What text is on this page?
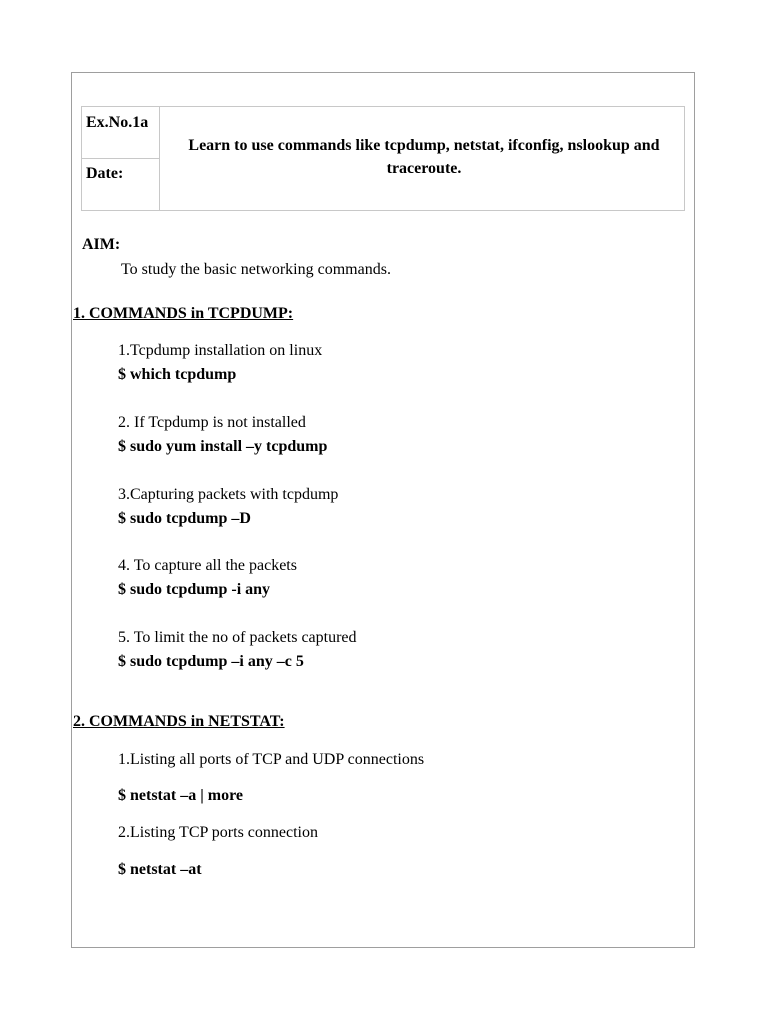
Ex.No.1a
Date:
Learn to use commands like tcpdump, netstat, ifconfig, nslookup and traceroute.
AIM:
To study the basic networking commands.
1. COMMANDS in TCPDUMP:
1.Tcpdump installation on linux
$ which tcpdump
2. If Tcpdump is not installed
$ sudo yum install –y tcpdump
3.Capturing packets with tcpdump
$ sudo tcpdump –D
4. To capture all the packets
$ sudo tcpdump -i any
5. To limit the no of packets captured
$ sudo tcpdump –i any –c 5
2. COMMANDS in NETSTAT:
1.Listing all ports of TCP and UDP connections
$ netstat –a | more
2.Listing TCP ports connection
$ netstat –at
